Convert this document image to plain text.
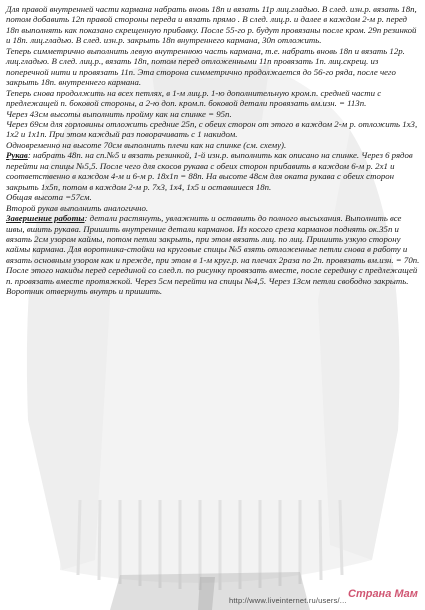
Для правой внутренней части кармана набрать вновь 18п и вязать 11р лиц.гладью. В след. изн.р. вязать 18п, потом добавить 12п правой стороны переда и вязать прямо . В след. лиц.р. и далее в каждом 2-м р. перед 18п выполнять как показано скрещенную прибавку. После 55-го р. будут провязаны после кром. 29п резинкой и 18п. лиц.гладью. В след. изн.р. закрыть 18п внутреннего кармана, 30п отложить.

Теперь симметрично выполнить левую внутреннюю часть кармана, т.е. набрать вновь 18п и вязать 12р. лиц.гладью. В след. лиц.р., вязать 18п, потом перед отложенными 11п провязать 1п. лиц.скрещ. из поперечной нити и провязать 11п. Эта сторона симметрично продолжается до 56-го ряда, после чего закрыть 18п. внутреннего кармана.

Теперь снова продолжить на всех петлях, в 1-м лиц.р. 1-ю дополнительную кром.п. средней части с предлежащей п. боковой стороны, а 2-ю доп. кром.п. боковой детали провязать вм.изн. = 113п.

Через 43см высоты выполнить пройму как на спинке = 95п.

Через 69см для горловины отложить средние 25п, с обеих сторон от этого в каждом 2-м р. отложить 1х3, 1х2 и 1х1п. При этом каждый раз поворачивать с 1 накидом.

Одновременно на высоте 70см выполнить плечи как на спинке (см. схему).

Рукав: набрать 48п. на сп.№5 и вязать резинкой, 1-й изн.р. выполнить как описано на спинке. Через 6 рядов перейти на спицы №5,5. После чего для скосов рукава с обеих сторон прибавить в каждом 6-м р. 2х1 и соответственно в каждом 4-м и 6-м р. 18х1п = 88п. На высоте 48см для оката рукава с обеих сторон закрыть 1х5п, потом в каждом 2-м р. 7х3, 1х4, 1х5 и оставшиеся 18п.

Общая высота =57см.

Второй рукав выполнить аналогично.

Завершение работы: детали растянуть, увлажнить и оставить до полного высыхания. Выполнить все швы, вшить рукава. Пришить внутренние детали карманов. Из косого среза карманов поднять ок.35п и вязать 2см узором каймы, потом петли закрыть, при этом вязать лиц. по лиц. Пришить узкую сторону каймы кармана. Для воротника-стойки на круговые спицы №5 взять отложенные петли снова в работу и вязать основным узором как и прежде, при этом в 1-м круг.р. на плечах 2раза по 2п. провязать вм.изн. = 70п. После этого накиды перед серединой со след.п. по рисунку провязать вместе, после середину с предлежащей п. провязать вместе протяжкой. Через 5см перейти на спицы №4,5. Через 13см петли свободно закрыть. Воротник отвернуть внутрь и пришить.

http://www.liveinternet.ru/users/...
Страна Мам
